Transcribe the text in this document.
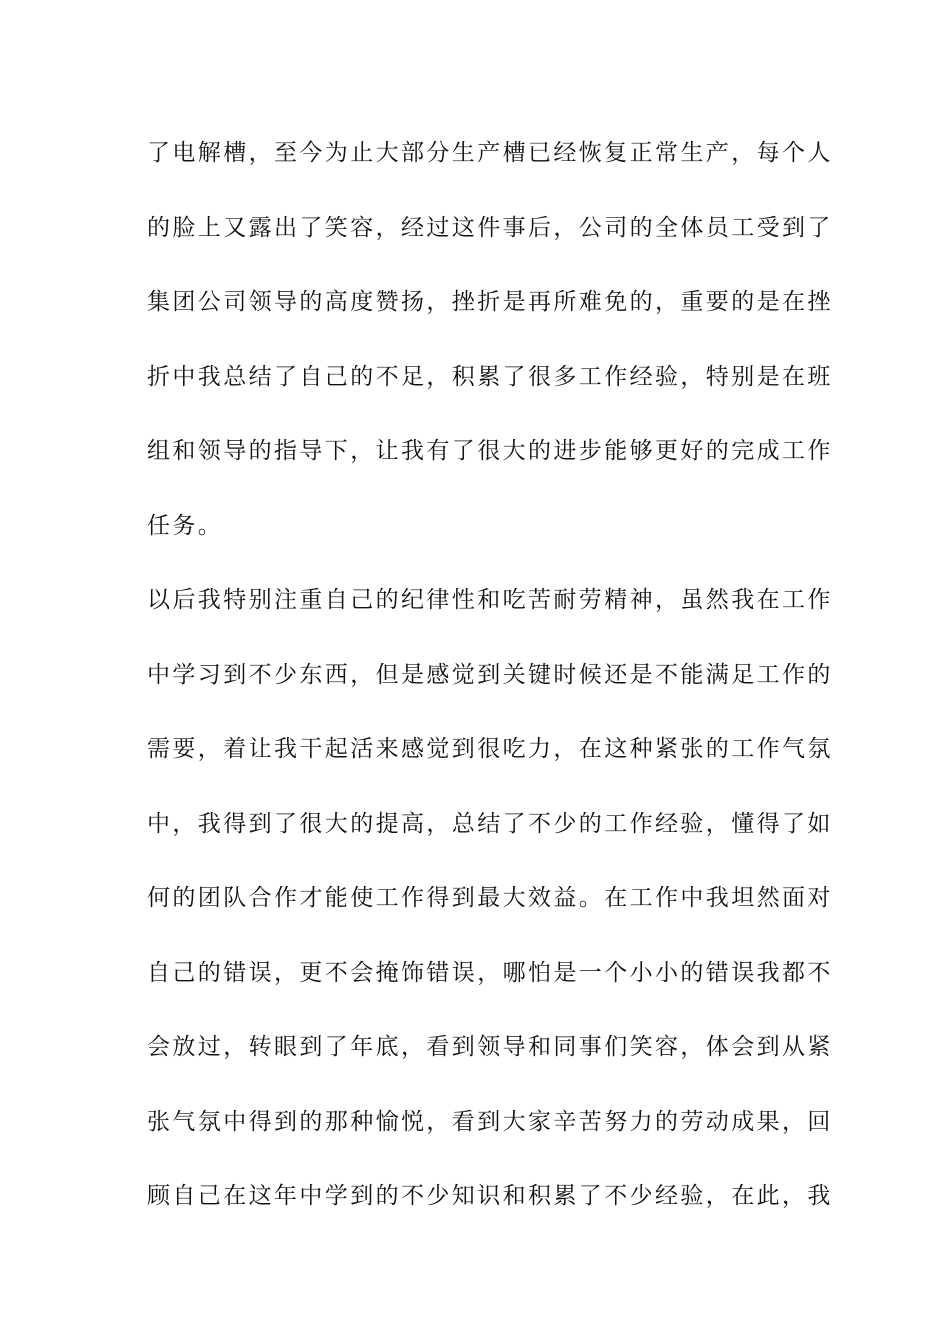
了电解槽，至今为止大部分生产槽已经恢复正常生产，每个人
的脸上又露出了笑容，经过这件事后，公司的全体员工受到了
集团公司领导的高度赞扬，挫折是再所难免的，重要的是在挫
折中我总结了自己的不足，积累了很多工作经验，特别是在班
组和领导的指导下，让我有了很大的进步能够更好的完成工作
任务。
以后我特别注重自己的纪律性和吃苦耐劳精神，虽然我在工作
中学习到不少东西，但是感觉到关键时候还是不能满足工作的
需要，着让我干起活来感觉到很吃力，在这种紧张的工作气氛
中，我得到了很大的提高，总结了不少的工作经验，懂得了如
何的团队合作才能使工作得到最大效益。在工作中我坦然面对
自己的错误，更不会掩饰错误，哪怕是一个小小的错误我都不
会放过，转眼到了年底，看到领导和同事们笑容，体会到从紧
张气氛中得到的那种愉悦，看到大家辛苦努力的劳动成果，回
顾自己在这年中学到的不少知识和积累了不少经验，在此，我
